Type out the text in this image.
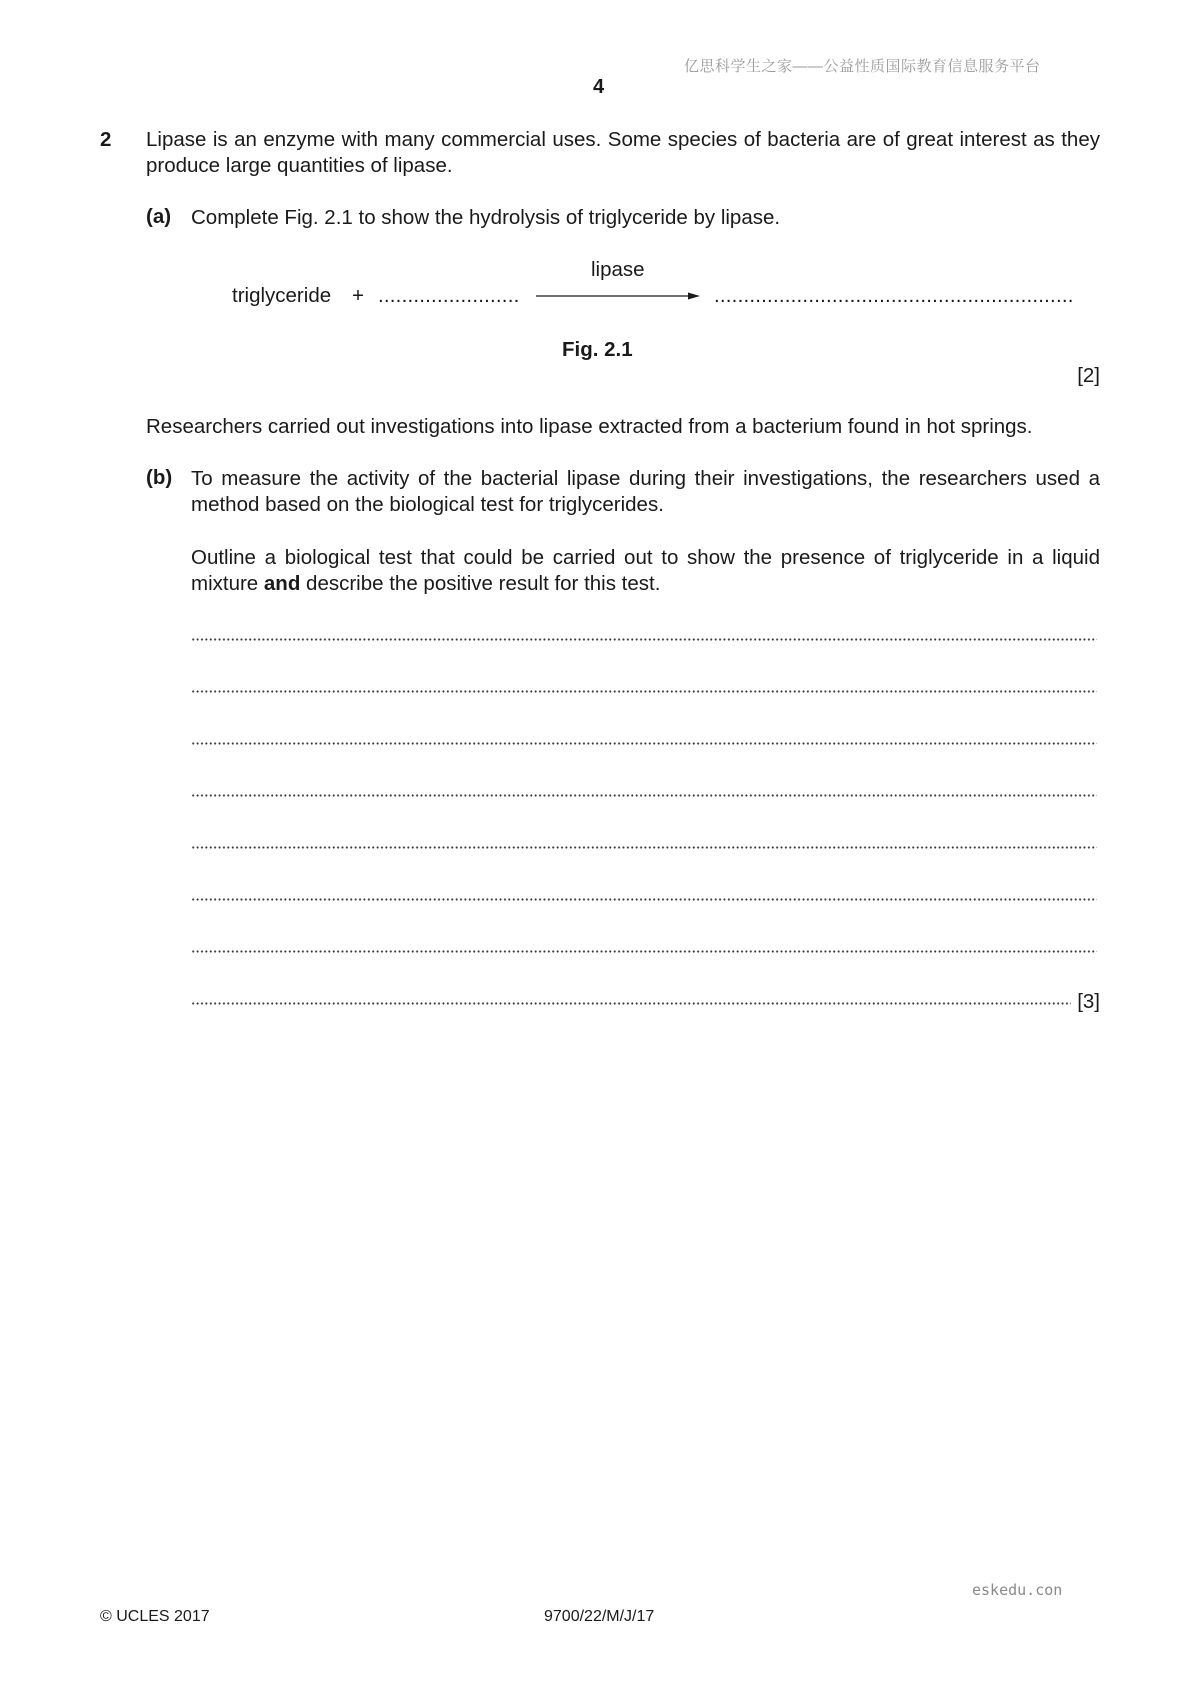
亿思科学生之家——公益性质国际教育信息服务平台
4
2 Lipase is an enzyme with many commercial uses. Some species of bacteria are of great interest as they produce large quantities of lipase.
(a) Complete Fig. 2.1 to show the hydrolysis of triglyceride by lipase.
lipase
triglyceride + ........................	.............................................................
Fig. 2.1
[2]
Researchers carried out investigations into lipase extracted from a bacterium found in hot springs.
(b) To measure the activity of the bacterial lipase during their investigations, the researchers used a method based on the biological test for triglycerides.
Outline a biological test that could be carried out to show the presence of triglyceride in a liquid mixture and describe the positive result for this test.
[3]
eskedu.con
© UCLES 2017	9700/22/M/J/17
